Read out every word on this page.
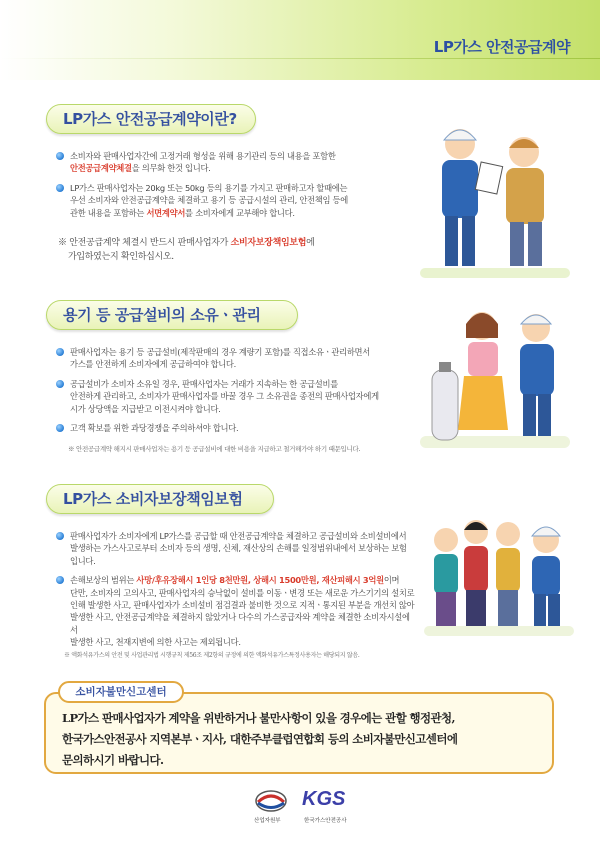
LP가스 안전공급계약
LP가스 안전공급계약이란?
소비자와 판매사업자간에 고정거래 형성을 위해 용기관리 등의 내용을 포함한
안전공급계약체결을 의무화 한것 입니다.
LP가스 판매사업자는 20kg 또는 50kg 등의 용기를 가지고 판매하고자 할때에는
우선 소비자와 안전공급계약을 체결하고 용기 등 공급시설의 관리, 안전책임 등에
관한 내용을 포함하는 서면계약서를 소비자에게 교부해야 합니다.
※ 안전공급계약 체결시 반드시 판매사업자가 소비자보장책임보험에
가입하였는지 확인하십시오.
용기 등 공급설비의 소유ㆍ관리
판매사업자는 용기 등 공급설비(제작판매의 경우 계량기 포함)를 직접소유ㆍ관리하면서
가스를 안전하게 소비자에게 공급하여야 합니다.
공급설비가 소비자 소유일 경우, 판매사업자는 거래가 지속하는 한 공급설비를
안전하게 관리하고, 소비자가 판매사업자를 바꿀 경우 그 소유권을 종전의 판매사업자에게
시가 상당액을 지급받고 이전시켜야 합니다.
고객 확보를 위한 과당경쟁을 주의하셔야 합니다.
※ 안전공급계약 해지시 판매사업자는 용기 등 공급설비에 대한 비용을 지급하고 철거해가야 하기 때문입니다.
LP가스 소비자보장책임보험
판매사업자가 소비자에게 LP가스를 공급할 때 안전공급계약을 체결하고 공급설비와 소비설비에서
발생하는 가스사고로부터 소비자 등의 생명, 신체, 재산상의 손해를 일정범위내에서 보상하는 보험
입니다.
손해보상의 범위는 사망/후유장해시 1인당 8천만원, 상해시 1500만원, 재산피해시 3억원이며
단만, 소비자의 고의사고, 판매사업자의 승낙없이 설비를 이동ㆍ변경 또는 새로운 가스기기의 설치로
인해 발생한 사고, 판매사업자가 소비설비 점검결과 불비한 것으로 지적ㆍ통지된 부분을 개선치 않아
발생한 사고, 안전공급계약을 체결하지 않았거나 다수의 가스공급자와 계약을 체결한 소비자시설에서
발생한 사고, 천재지변에 의한 사고는 제외됩니다.
※ 액화석유가스의 안전 및 사업관리법 시행규칙 제56조 제2항의 규정에 의한 액화석유가스특정사용자는 해당되지 않음.
소비자불만신고센터
LP가스 판매사업자가 계약을 위반하거나 불만사항이 있을 경우에는 관할 행정관청,
한국가스안전공사 지역본부ㆍ지사, 대한주부클럽연합회 등의 소비자불만신고센터에
문의하시기 바랍니다.
산업자원부
KGS
한국가스안전공사
